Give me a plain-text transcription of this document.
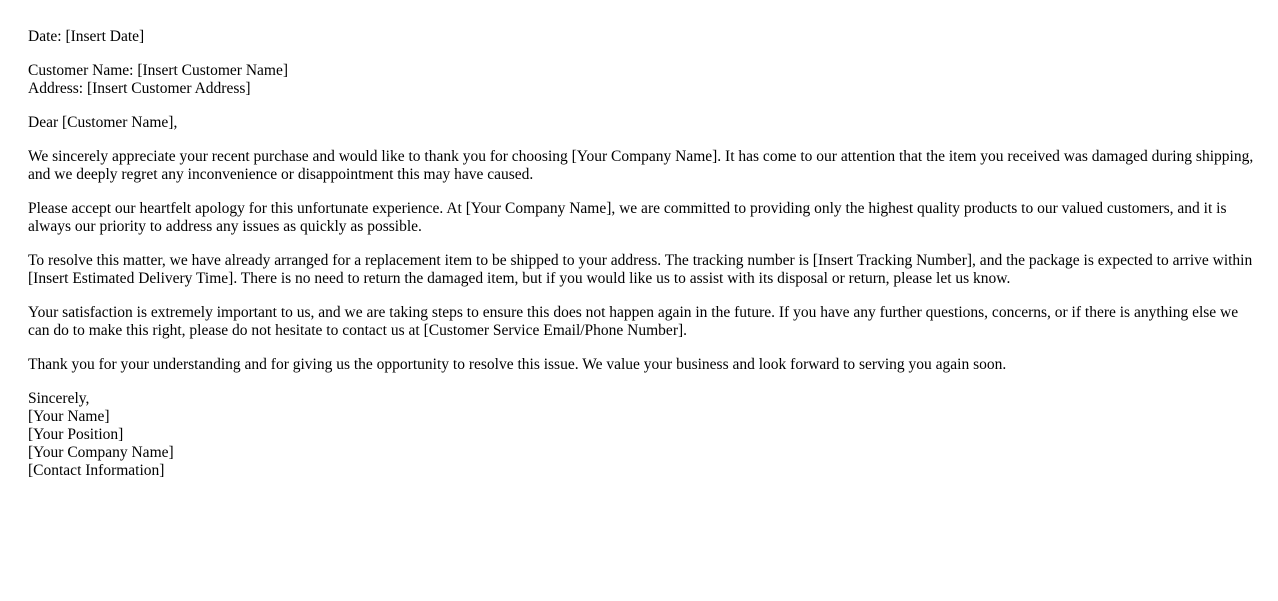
Date: [Insert Date]
Customer Name: [Insert Customer Name]
Address: [Insert Customer Address]
Dear [Customer Name],

We sincerely appreciate your recent purchase and would like to thank you for choosing [Your Company Name]. It has come to our attention that the item you received was damaged during shipping, and we deeply regret any inconvenience or disappointment this may have caused.

Please accept our heartfelt apology for this unfortunate experience. At [Your Company Name], we are committed to providing only the highest quality products to our valued customers, and it is always our priority to address any issues as quickly as possible.

To resolve this matter, we have already arranged for a replacement item to be shipped to your address. The tracking number is [Insert Tracking Number], and the package is expected to arrive within [Insert Estimated Delivery Time]. There is no need to return the damaged item, but if you would like us to assist with its disposal or return, please let us know.

Your satisfaction is extremely important to us, and we are taking steps to ensure this does not happen again in the future. If you have any further questions, concerns, or if there is anything else we can do to make this right, please do not hesitate to contact us at [Customer Service Email/Phone Number].

Thank you for your understanding and for giving us the opportunity to resolve this issue. We value your business and look forward to serving you again soon.

Sincerely,
[Your Name]
[Your Position]
[Your Company Name]
[Contact Information]
